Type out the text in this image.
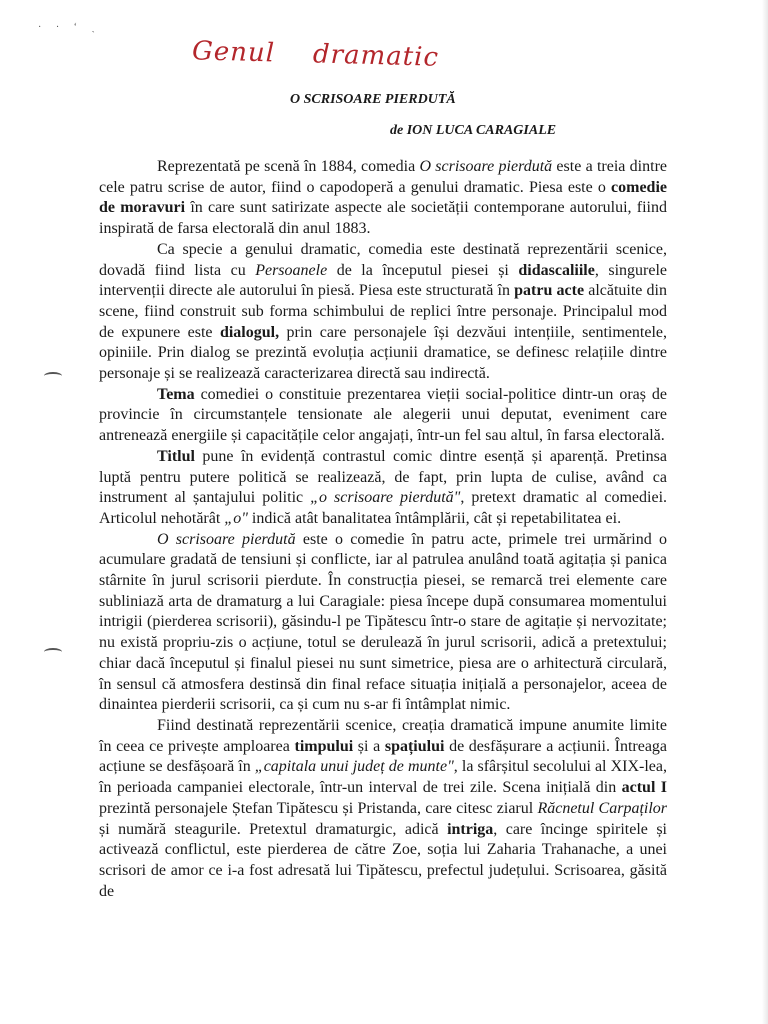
· · ʻ ˏ
Genul dramatic
O SCRISOARE PIERDUTĂ
de ION LUCA CARAGIALE

Reprezentată pe scenă în 1884, comedia O scrisoare pierdută este a treia dintre cele patru scrise de autor, fiind o capodoperă a genului dramatic. Piesa este o comedie de moravuri în care sunt satirizate aspecte ale societății contemporane autorului, fiind inspirată de farsa electorală din anul 1883.

Ca specie a genului dramatic, comedia este destinată reprezentării scenice, dovadă fiind lista cu Persoanele de la începutul piesei și didascaliile, singurele intervenții directe ale autorului în piesă. Piesa este structurată în patru acte alcătuite din scene, fiind construit sub forma schimbului de replici între personaje. Principalul mod de expunere este dialogul, prin care personajele își dezvăui intențiile, sentimentele, opiniile. Prin dialog se prezintă evoluția acțiunii dramatice, se definesc relațiile dintre personaje și se realizează caracterizarea directă sau indirectă.

Tema comediei o constituie prezentarea vieții social-politice dintr-un oraș de provincie în circumstanțele tensionate ale alegerii unui deputat, eveniment care antrenează energiile și capacitățile celor angajați, într-un fel sau altul, în farsa electorală.

Titlul pune în evidență contrastul comic dintre esență și aparență. Pretinsa luptă pentru putere politică se realizează, de fapt, prin lupta de culise, având ca instrument al șantajului politic „o scrisoare pierdută", pretext dramatic al comediei. Articolul nehotărât „o" indică atât banalitatea întâmplării, cât și repetabilitatea ei.

O scrisoare pierdută este o comedie în patru acte, primele trei urmărind o acumulare gradată de tensiuni și conflicte, iar al patrulea anulând toată agitația și panica stârnite în jurul scrisorii pierdute. În construcția piesei, se remarcă trei elemente care subliniază arta de dramaturg a lui Caragiale: piesa începe după consumarea momentului intrigii (pierderea scrisorii), găsindu-l pe Tipătescu într-o stare de agitație și nervozitate; nu există propriu-zis o acțiune, totul se derulează în jurul scrisorii, adică a pretextului; chiar dacă începutul și finalul piesei nu sunt simetrice, piesa are o arhitectură circulară, în sensul că atmosfera destinsă din final reface situația inițială a personajelor, aceea de dinaintea pierderii scrisorii, ca și cum nu s-ar fi întâmplat nimic.

Fiind destinată reprezentării scenice, creația dramatică impune anumite limite în ceea ce privește amploarea timpului și a spațiului de desfășurare a acțiunii. Întreaga acțiune se desfășoară în „capitala unui județ de munte", la sfârșitul secolului al XIX-lea, în perioada campaniei electorale, într-un interval de trei zile. Scena inițială din actul I prezintă personajele Ștefan Tipătescu și Pristanda, care citesc ziarul Răcnetul Carpaților și numără steagurile. Pretextul dramaturgic, adică intriga, care încinge spiritele și activează conflictul, este pierderea de către Zoe, soția lui Zaharia Trahanache, a unei scrisori de amor ce i-a fost adresată lui Tipătescu, prefectul județului. Scrisoarea, găsită de
